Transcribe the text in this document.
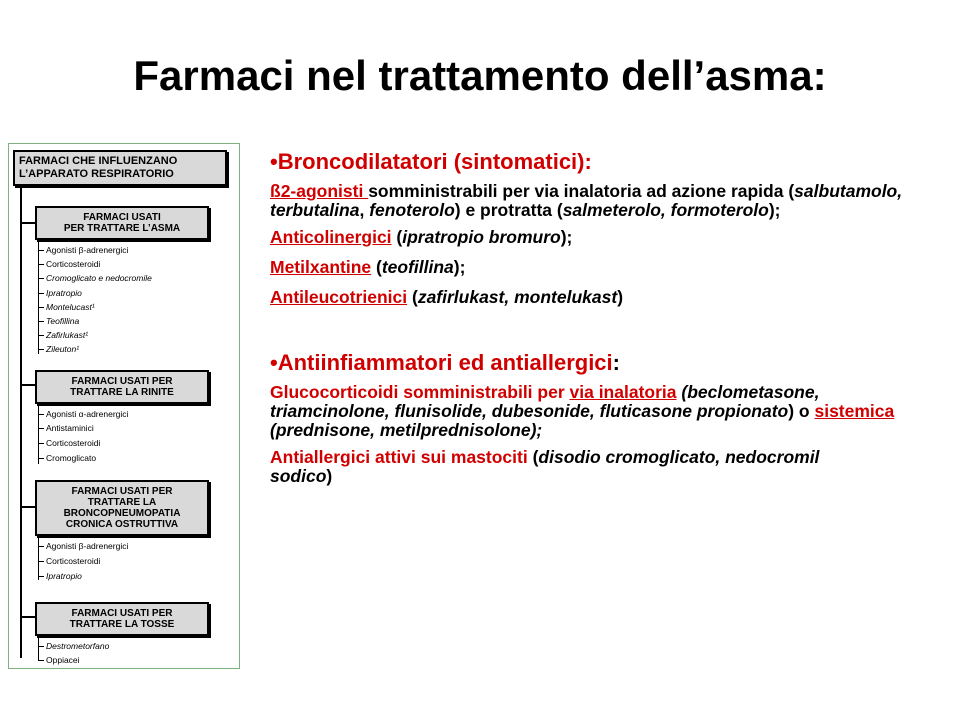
Farmaci nel trattamento dell’asma:
FARMACI CHE INFLUENZANO
L’APPARATO RESPIRATORIO
FARMACI USATI
PER TRATTARE L’ASMA
Agonisti β-adrenergici
Corticosteroidi
Cromoglicato e nedocromile
Ipratropio
Montelucast¹
Teofillina
Zafirlukast¹
Zileuton¹
FARMACI USATI PER
TRATTARE LA RINITE
Agonisti α-adrenergici
Antistaminici
Corticosteroidi
Cromoglicato
FARMACI USATI PER
TRATTARE LA
BRONCOPNEUMOPATIA
CRONICA OSTRUTTIVA
Agonisti β-adrenergici
Corticosteroidi
Ipratropio
FARMACI USATI PER
TRATTARE LA TOSSE
Destrometorfano
Oppiacei

•Broncodilatatori (sintomatici):

ß2-agonisti somministrabili per via inalatoria ad azione rapida (salbutamolo, terbutalina, fenoterolo) e protratta (salmeterolo, formoterolo);

Anticolinergici (ipratropio bromuro);

Metilxantine (teofillina);

Antileucotrienici (zafirlukast, montelukast)

•Antiinfiammatori ed antiallergici:

Glucocorticoidi somministrabili per via inalatoria (beclometasone, triamcinolone, flunisolide, dubesonide, fluticasone propionato) o sistemica (prednisone, metilprednisolone);

Antiallergici attivi sui mastociti (disodio cromoglicato, nedocromil sodico)
